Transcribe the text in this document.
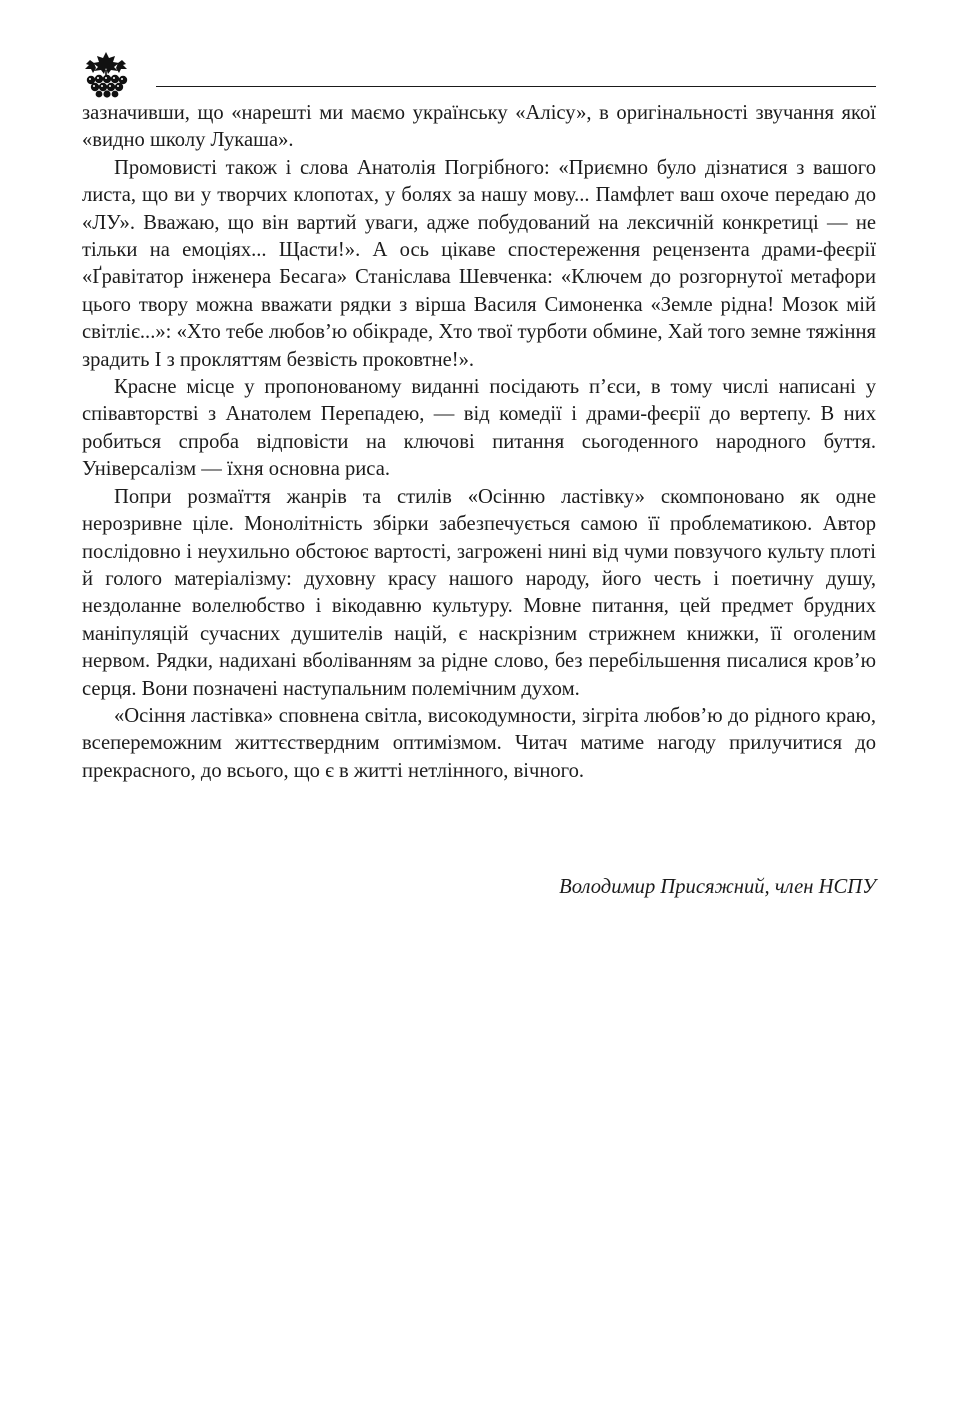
зазначивши, що «нарешті ми маємо українську «Алісу», в оригінальності звучання якої «видно школу Лукаша».

Промовисті також і слова Анатолія Погрібного: «Приємно було дізнатися з вашого листа, що ви у творчих клопотах, у болях за нашу мову... Памфлет ваш охоче передаю до «ЛУ». Вважаю, що він вартий уваги, адже побудований на лексичній конкретиці — не тільки на емоціях... Щасти!». А ось цікаве спостереження рецензента драми-феєрії «Ґравітатор інженера Бесага» Станіслава Шевченка: «Ключем до розгорнутої метафори цього твору можна вважати рядки з вірша Василя Симоненка «Земле рідна! Мозок мій світліє...»: «Хто тебе любов’ю обікраде, Хто твої турботи обмине, Хай того земне тяжіння зрадить І з прокляттям безвість проковтне!».

Красне місце у пропонованому виданні посідають п’єси, в тому числі написані у співавторстві з Анатолем Перепадею, — від комедії і драми-феєрії до вертепу. В них робиться спроба відповісти на ключові питання сьогоденного народного буття. Універсалізм — їхня основна риса.

Попри розмаїття жанрів та стилів «Осінню ластівку» скомпоновано як одне нерозривне ціле. Монолітність збірки забезпечується самою її проблематикою. Автор послідовно і неухильно обстоює вартості, загрожені нині від чуми повзучого культу плоті й голого матеріалізму: духовну красу нашого народу, його честь і поетичну душу, нездоланне волелюбство і вікодавню культуру. Мовне питання, цей предмет брудних маніпуляцій сучасних душителів націй, є наскрізним стрижнем книжки, її оголеним нервом. Рядки, надихані вболіванням за рідне слово, без перебільшення писалися кров’ю серця. Вони позначені наступальним полемічним духом.

«Осіння ластівка» сповнена світла, високодумности, зігріта любов’ю до рідного краю, всепереможним життєствердним оптимізмом. Читач матиме нагоду прилучитися до прекрасного, до всього, що є в житті нетлінного, вічного.

Володимир Присяжний, член НСПУ
